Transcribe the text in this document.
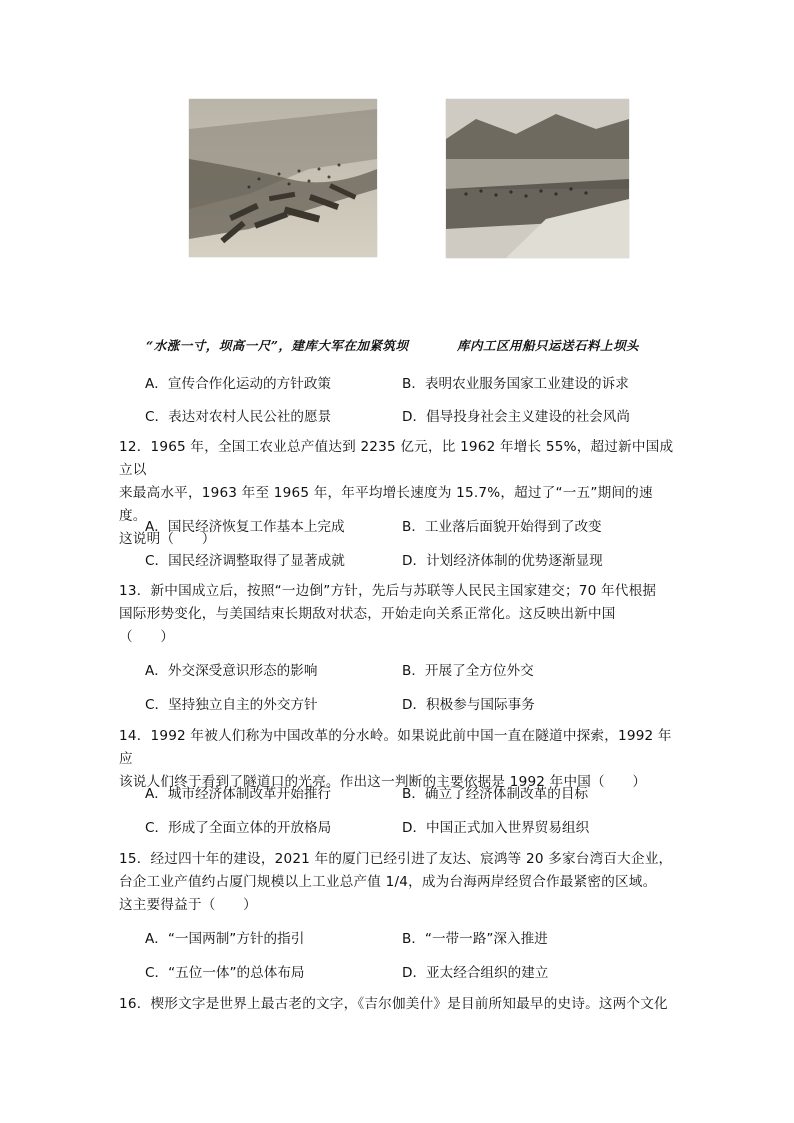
“水涨一寸，坝高一尺”，建库大军在加紧筑坝	库内工区用船只运送石料上坝头
A．宣传合作化运动的方针政策	B．表明农业服务国家工业建设的诉求
C．表达对农村人民公社的愿景	D．倡导投身社会主义建设的社会风尚
12．1965 年，全国工农业总产值达到 2235 亿元，比 1962 年增长 55%，超过新中国成立以
来最高水平，1963 年至 1965 年，年平均增长速度为 15.7%，超过了“一五”期间的速度。
这说明（　　）
A．国民经济恢复工作基本上完成	B．工业落后面貌开始得到了改变
C．国民经济调整取得了显著成就	D．计划经济体制的优势逐渐显现
13．新中国成立后，按照“一边倒”方针，先后与苏联等人民民主国家建交；70 年代根据
国际形势变化，与美国结束长期敌对状态，开始走向关系正常化。这反映出新中国
（　　）
A．外交深受意识形态的影响	B．开展了全方位外交
C．坚持独立自主的外交方针	D．积极参与国际事务
14．1992 年被人们称为中国改革的分水岭。如果说此前中国一直在隧道中探索，1992 年应
该说人们终于看到了隧道口的光亮。作出这一判断的主要依据是 1992 年中国（　　）
A．城市经济体制改革开始推行	B．确立了经济体制改革的目标
C．形成了全面立体的开放格局	D．中国正式加入世界贸易组织
15．经过四十年的建设，2021 年的厦门已经引进了友达、宸鸿等 20 多家台湾百大企业，
台企工业产值约占厦门规模以上工业总产值 1/4，成为台海两岸经贸合作最紧密的区域。
这主要得益于（　　）
A．“一国两制”方针的指引	B．“一带一路”深入推进
C．“五位一体”的总体布局	D．亚太经合组织的建立
16．楔形文字是世界上最古老的文字，《吉尔伽美什》是目前所知最早的史诗。这两个文化
